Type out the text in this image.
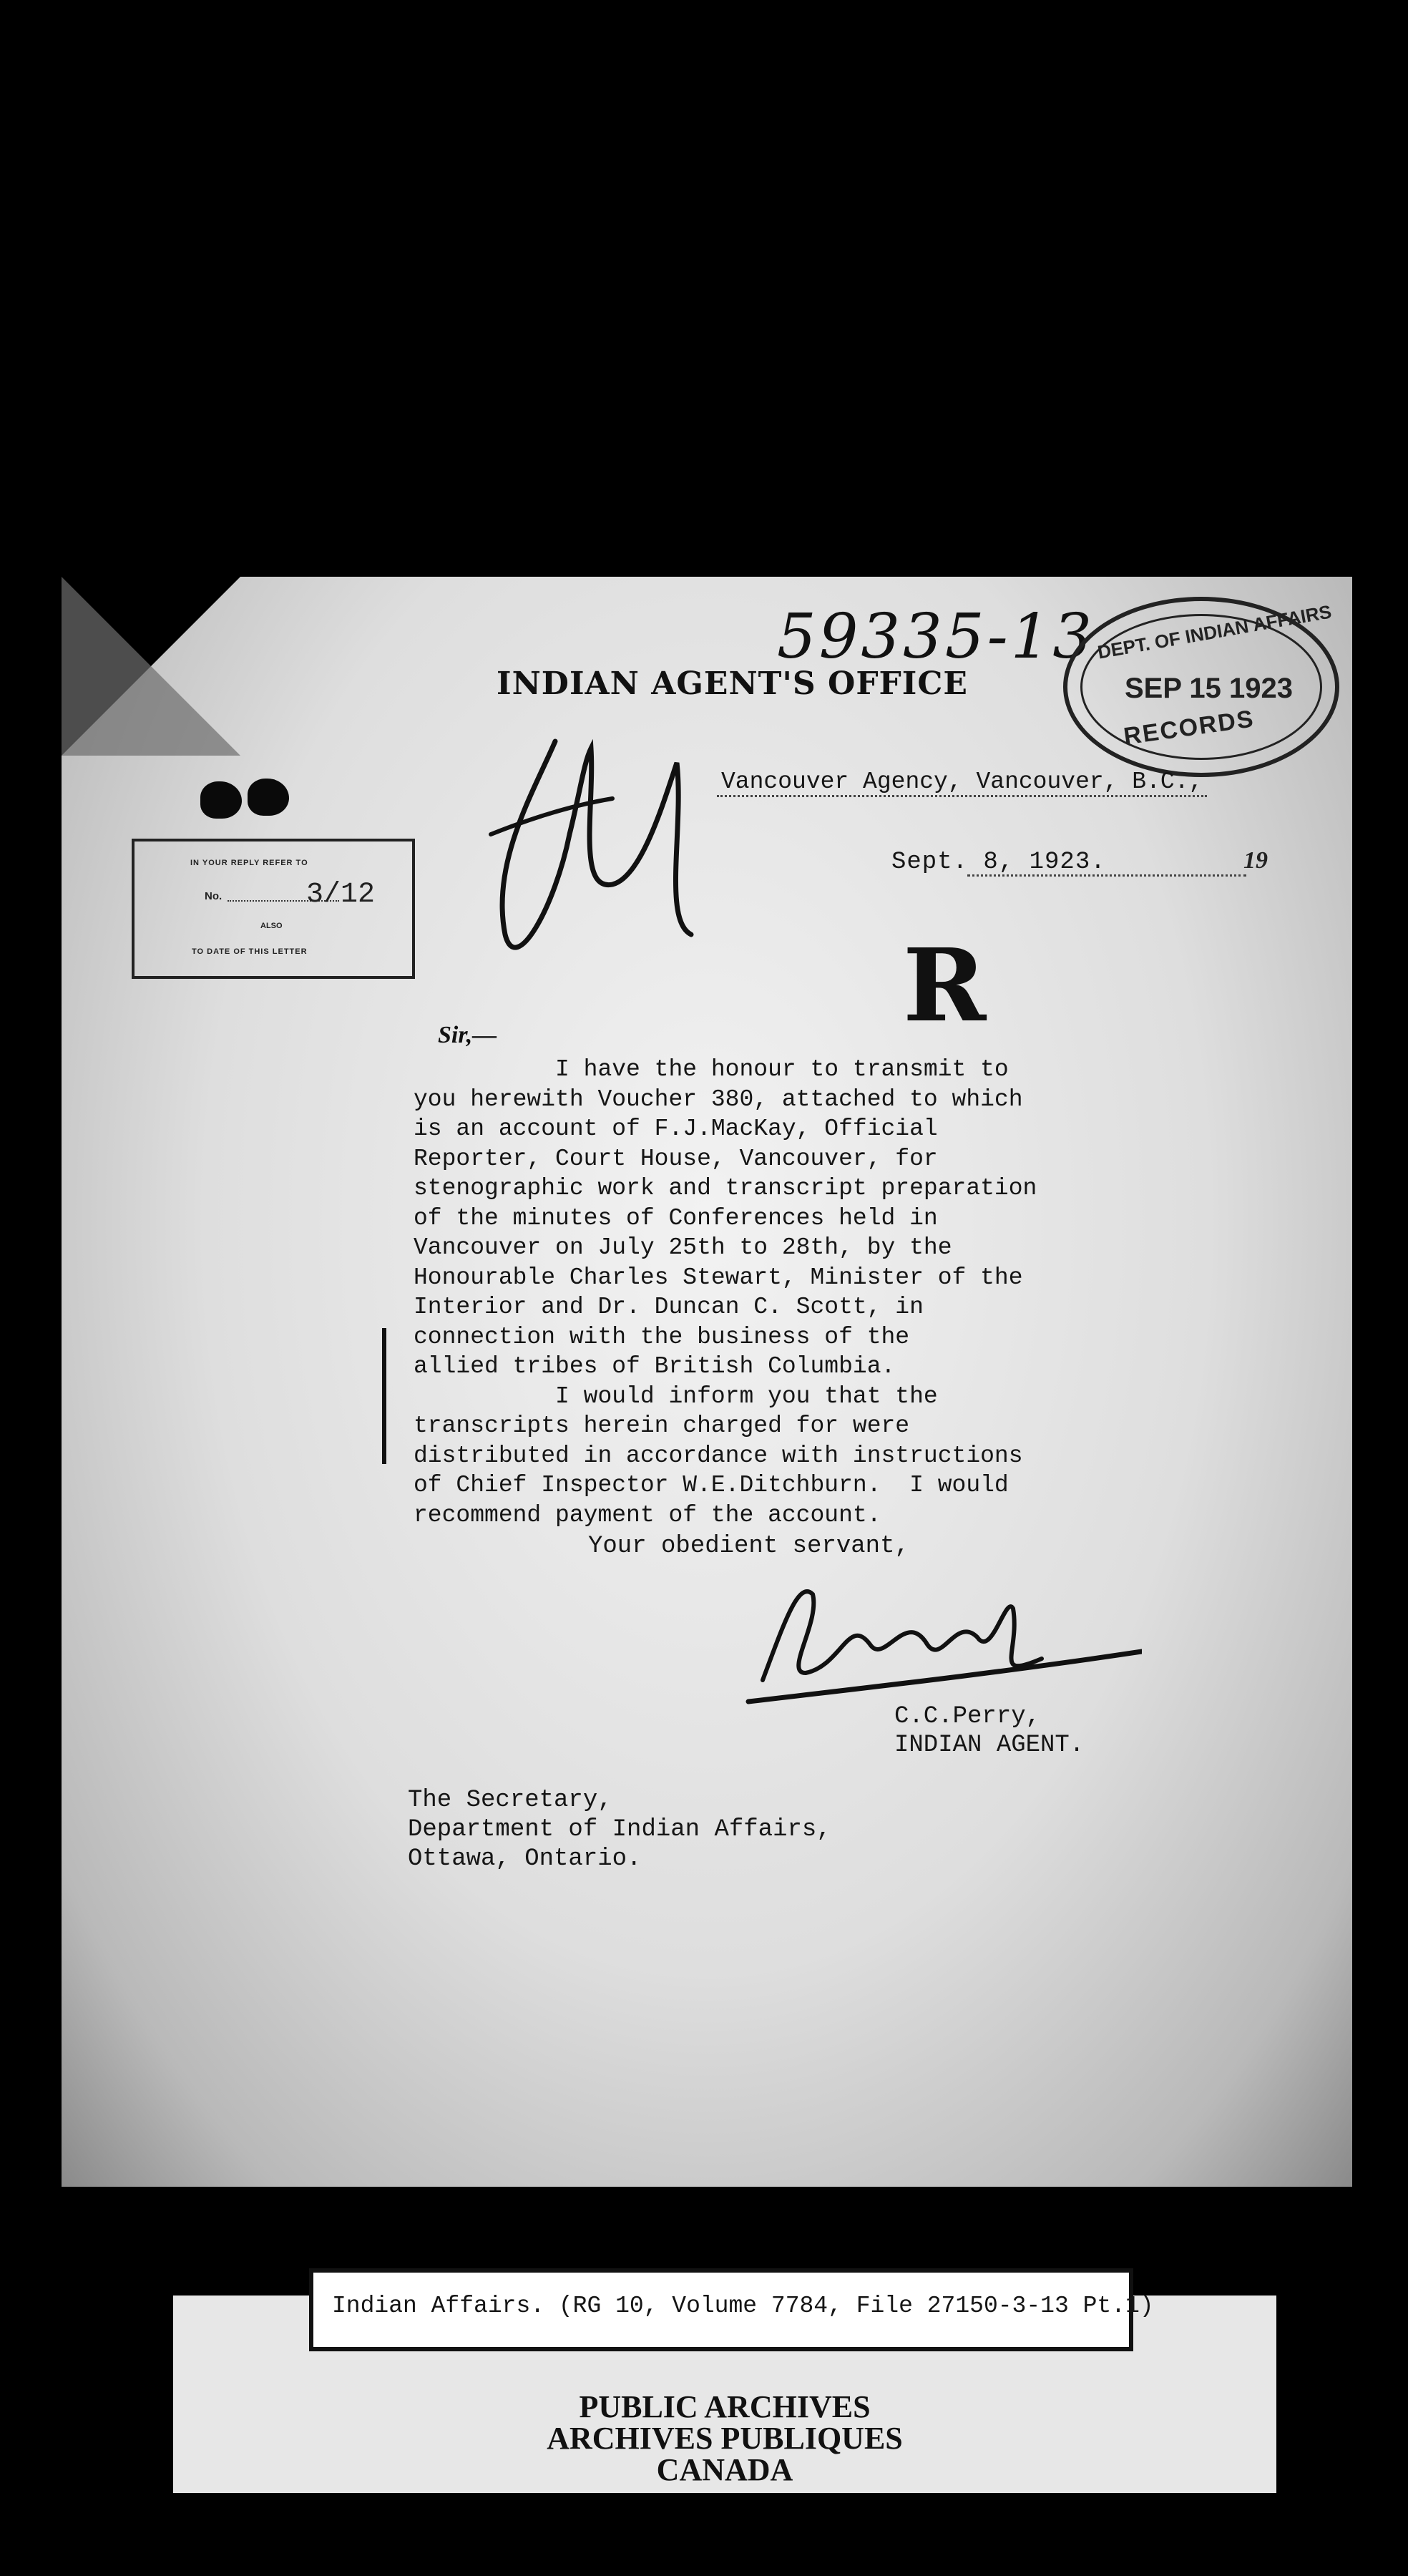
59335-13
INDIAN AGENT'S OFFICE
DEPT. OF INDIAN AFFAIRS
SEP 15 1923
RECORDS
IN YOUR REPLY REFER TO
No.	3/12
ALSO
TO DATE OF THIS LETTER
Vancouver Agency, Vancouver, B.C.,
Sept. 8, 1923.	19
R
Sir,—
I have the honour to transmit to
you herewith Voucher 380, attached to which
is an account of F.J.MacKay, Official
Reporter, Court House, Vancouver, for
stenographic work and transcript preparation
of the minutes of Conferences held in
Vancouver on July 25th to 28th, by the
Honourable Charles Stewart, Minister of the
Interior and Dr. Duncan C. Scott, in
connection with the business of the
allied tribes of British Columbia.
I would inform you that the
transcripts herein charged for were
distributed in accordance with instructions
of Chief Inspector W.E.Ditchburn.  I would
recommend payment of the account.
Your obedient servant,
C.C.Perry,
INDIAN AGENT.
The Secretary,
Department of Indian Affairs,
Ottawa, Ontario.
PUBLIC ARCHIVES
ARCHIVES PUBLIQUES
CANADA
Indian Affairs. (RG 10, Volume 7784, File 27150-3-13 Pt.1)
